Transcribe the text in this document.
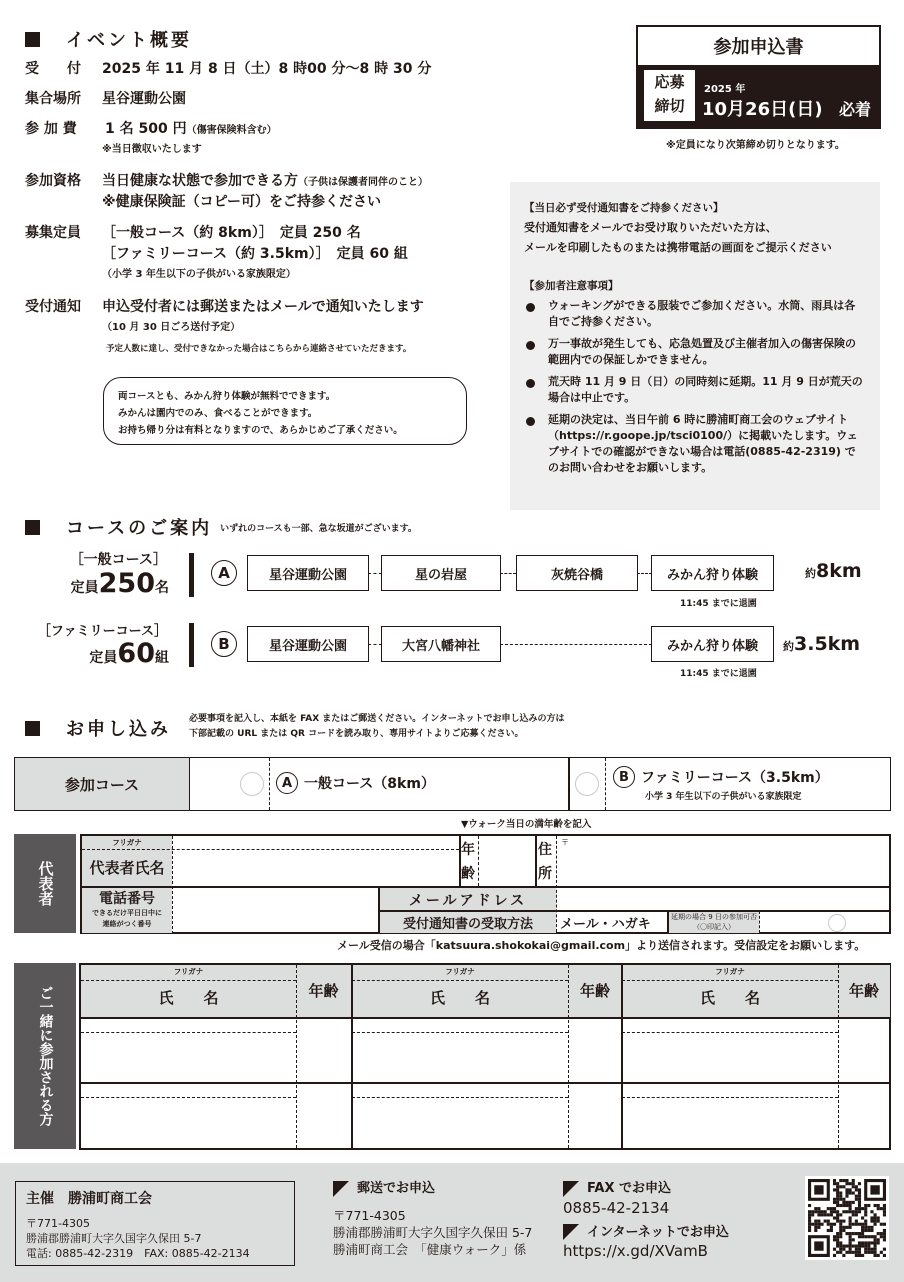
イベント概要
受　　付 2025 年 11 月 8 日（土）8 時00 分〜8 時 30 分
集合場所 星谷運動公園
参 加 費 1 名 500 円（傷害保険料含む）
※当日徴収いたします
参加資格 当日健康な状態で参加できる方（子供は保護者同伴のこと）
※健康保険証（コピー可）をご持参ください
募集定員 ［一般コース（約 8km）］　定員 250 名
［ファミリーコース（約 3.5km）］　定員 60 組
（小学 3 年生以下の子供がいる家族限定）
受付通知 申込受付者には郵送またはメールで通知いたします
（10 月 30 日ごろ送付予定）
予定人数に達し、受付できなかった場合はこちらから連絡させていただきます。
両コースとも、みかん狩り体験が無料でできます。
みかんは園内でのみ、食べることができます。
お持ち帰り分は有料となりますので、あらかじめご了承ください。
参加申込書
応募
締切
2025 年
10月26日(日) 必着
※定員になり次第締め切りとなります。
【当日必ず受付通知書をご持参ください】
受付通知書をメールでお受け取りいただいた方は、
メールを印刷したものまたは携帯電話の画面をご提示ください
【参加者注意事項】
ウォーキングができる服装でご参加ください。水筒、雨具は各自でご持参ください。
万一事故が発生しても、応急処置及び主催者加入の傷害保険の範囲内での保証しかできません。
荒天時 11 月 9 日（日）の同時刻に延期。11 月 9 日が荒天の場合は中止です。
延期の決定は、当日午前 6 時に勝浦町商工会のウェブサイト（https://r.goope.jp/tsci0100/）に掲載いたします。ウェブサイトでの確認ができない場合は電話(0885-42-2319) でのお問い合わせをお願いします。
コースのご案内 いずれのコースも一部、急な坂道がございます。
［一般コース］
定員250名
A	星谷運動公園	星の岩屋	灰焼谷橋	みかん狩り体験
11:45 までに退園
約8km
［ファミリーコース］
定員60組
B	星谷運動公園	大宮八幡神社	みかん狩り体験
11:45 までに退園
約3.5km
お申し込み 必要事項を記入し、本紙を FAX またはご郵送ください。インターネットでお申し込みの方は
下部記載の URL または QR コードを読み取り、専用サイトよりご応募ください。
参加コース	A 一般コース（8km）	B ファミリーコース（3.5km）
小学 3 年生以下の子供がいる家族限定
▼ウォーク当日の満年齢を記入
代表者
フリガナ
代表者氏名
年
齢
住
所
〒
電話番号
できるだけ平日日中に
連絡がつく番号
メールアドレス
受付通知書の受取方法	メール・ハガキ	延期の場合 9 日の参加可否
（〇印記入）
メール受信の場合「katsuura.shokokai@gmail.com」より送信されます。受信設定をお願いします。
ご一緒に参加される方
フリガナ
氏　　名	年齢
フリガナ
氏　　名	年齢
フリガナ
氏　　名	年齢
主催　勝浦町商工会
〒771-4305
勝浦郡勝浦町大字久国字久保田 5-7
電話: 0885-42-2319　FAX: 0885-42-2134
郵送でお申込
〒771-4305
勝浦郡勝浦町大字久国字久保田 5-7
勝浦町商工会　「健康ウォーク」係
FAX でお申込
0885-42-2134
インターネットでお申込
https://x.gd/XVamB
